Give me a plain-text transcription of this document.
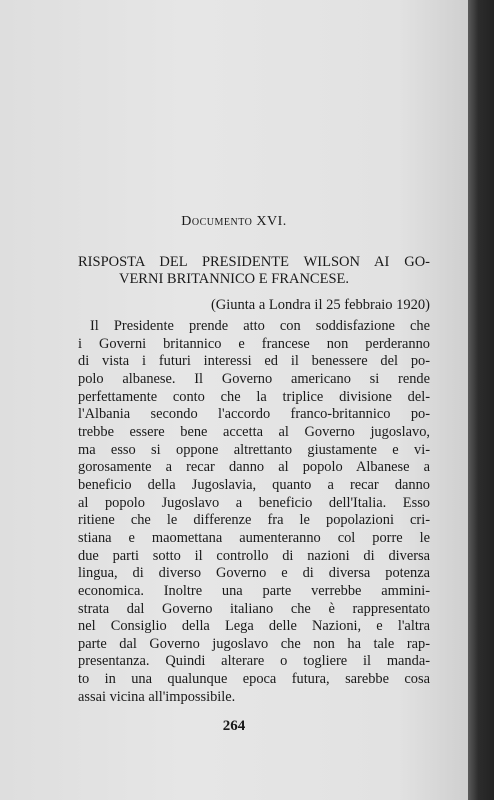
Documento XVI.
RISPOSTA DEL PRESIDENTE WILSON AI GO-
VERNI BRITANNICO E FRANCESE.
(Giunta a Londra il 25 febbraio 1920)
Il Presidente prende atto con soddisfazione che
i Governi britannico e francese non perderanno
di vista i futuri interessi ed il benessere del po-
polo albanese. Il Governo americano si rende
perfettamente conto che la triplice divisione del-
l'Albania secondo l'accordo franco-britannico po-
trebbe essere bene accetta al Governo jugoslavo,
ma esso si oppone altrettanto giustamente e vi-
gorosamente a recar danno al popolo Albanese a
beneficio della Jugoslavia, quanto a recar danno
al popolo Jugoslavo a beneficio dell'Italia. Esso
ritiene che le differenze fra le popolazioni cri-
stiana e maomettana aumenteranno col porre le
due parti sotto il controllo di nazioni di diversa
lingua, di diverso Governo e di diversa potenza
economica. Inoltre una parte verrebbe ammini-
strata dal Governo italiano che è rappresentato
nel Consiglio della Lega delle Nazioni, e l'altra
parte dal Governo jugoslavo che non ha tale rap-
presentanza. Quindi alterare o togliere il manda-
to in una qualunque epoca futura, sarebbe cosa
assai vicina all'impossibile.
264
